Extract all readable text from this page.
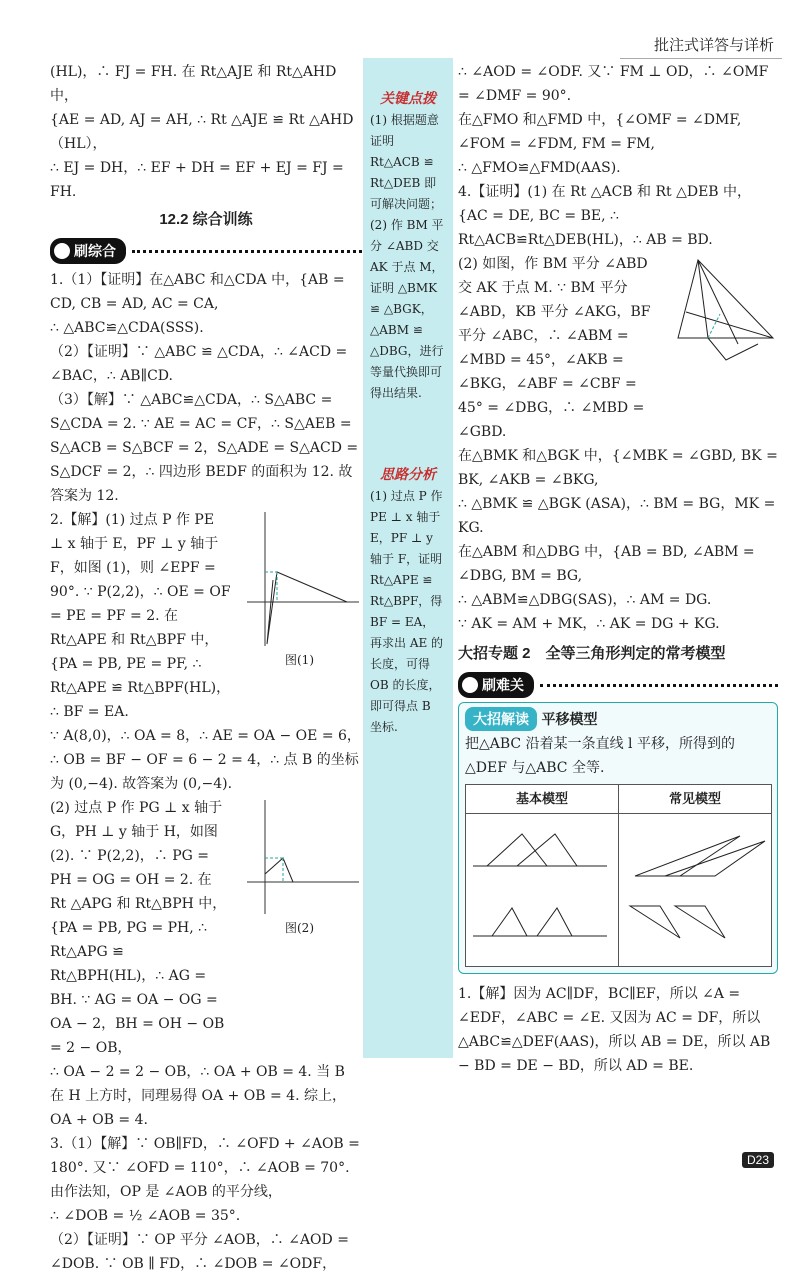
批注式详答与详析
关键点拨
(1) 根据题意证明 Rt△ACB ≌ Rt△DEB 即可解决问题；(2) 作 BM 平分 ∠ABD 交 AK 于点 M，证明 △BMK ≌ △BGK，△ABM ≌ △DBG，进行等量代换即可得出结果.
思路分析
(1) 过点 P 作 PE ⊥ x 轴于 E，PF ⊥ y 轴于 F，证明 Rt△APE ≌ Rt△BPF，得 BF = EA，再求出 AE 的长度，可得 OB 的长度，即可得点 B 坐标.

(HL)，∴ FJ = FH. 在 Rt△AJE 和 Rt△AHD 中，

{AE = AD, AJ = AH, ∴ Rt △AJE ≌ Rt △AHD（HL），

∴ EJ = DH，∴ EF + DH = EF + EJ = FJ = FH.

12.2 综合训练
刷综合

1.（1）【证明】在△ABC 和△CDA 中，{AB = CD, CB = AD, AC = CA,

∴ △ABC≌△CDA(SSS).

（2）【证明】∵ △ABC ≌ △CDA，∴ ∠ACD = ∠BAC，∴ AB∥CD.

（3）【解】∵ △ABC≌△CDA，∴ S△ABC = S△CDA = 2. ∵ AE = AC = CF，∴ S△AEB = S△ACB = S△BCF = 2，S△ADE = S△ACD = S△DCF = 2，∴ 四边形 BEDF 的面积为 12. 故答案为 12.

2.【解】(1) 过点 P 作 PE ⊥ x 轴于 E，PF ⊥ y 轴于 F，如图 (1)，则 ∠EPF = 90°. ∵ P(2,2)，∴ OE = OF = PE = PF = 2. 在 Rt△APE 和 Rt△BPF 中，{PA = PB, PE = PF, ∴ Rt△APE ≌ Rt△BPF(HL)，∴ BF = EA.

图(1)

∵ A(8,0)，∴ OA = 8，∴ AE = OA − OE = 6，∴ OB = BF − OF = 6 − 2 = 4，∴ 点 B 的坐标为 (0,−4). 故答案为 (0,−4).

(2) 过点 P 作 PG ⊥ x 轴于 G，PH ⊥ y 轴于 H，如图 (2). ∵ P(2,2)，∴ PG = PH = OG = OH = 2. 在 Rt △APG 和 Rt△BPH 中，{PA = PB, PG = PH, ∴ Rt△APG ≌ Rt△BPH(HL)，∴ AG = BH. ∵ AG = OA − OG = OA − 2，BH = OH − OB = 2 − OB，

图(2)

∴ OA − 2 = 2 − OB，∴ OA + OB = 4. 当 B 在 H 上方时，同理易得 OA + OB = 4. 综上，OA + OB = 4.

3.（1）【解】∵ OB∥FD，∴ ∠OFD + ∠AOB = 180°. 又∵ ∠OFD = 110°，∴ ∠AOB = 70°. 由作法知，OP 是 ∠AOB 的平分线，

∴ ∠DOB = ½ ∠AOB = 35°.

（2）【证明】∵ OP 平分 ∠AOB，∴ ∠AOD = ∠DOB. ∵ OB ∥ FD，∴ ∠DOB = ∠ODF，

∴ ∠AOD = ∠ODF. 又∵ FM ⊥ OD，∴ ∠OMF = ∠DMF = 90°.

在△FMO 和△FMD 中，{∠OMF = ∠DMF, ∠FOM = ∠FDM, FM = FM,

∴ △FMO≌△FMD(AAS).

4.【证明】(1) 在 Rt △ACB 和 Rt △DEB 中，{AC = DE, BC = BE, ∴ Rt△ACB≌Rt△DEB(HL)，∴ AB = BD.

(2) 如图，作 BM 平分 ∠ABD 交 AK 于点 M. ∵ BM 平分 ∠ABD，KB 平分 ∠AKG，BF 平分 ∠ABC，∴ ∠ABM = ∠MBD = 45°，∠AKB = ∠BKG，∠ABF = ∠CBF = 45° = ∠DBG，∴ ∠MBD = ∠GBD.

在△BMK 和△BGK 中，{∠MBK = ∠GBD, BK = BK, ∠AKB = ∠BKG,

∴ △BMK ≌ △BGK (ASA)，∴ BM = BG，MK = KG.

在△ABM 和△DBG 中，{AB = BD, ∠ABM = ∠DBG, BM = BG,

∴ △ABM≌△DBG(SAS)，∴ AM = DG.

∵ AK = AM + MK，∴ AK = DG + KG.

大招专题 2　全等三角形判定的常考模型
刷难关
大招解读 平移模型

把△ABC 沿着某一条直线 l 平移，所得到的△DEF 与△ABC 全等.

基本模型	常见模型

1.【解】因为 AC∥DF，BC∥EF，所以 ∠A = ∠EDF，∠ABC = ∠E. 又因为 AC = DF，所以 △ABC≌△DEF(AAS)，所以 AB = DE，所以 AB − BD = DE − BD，所以 AD = BE.

D23
